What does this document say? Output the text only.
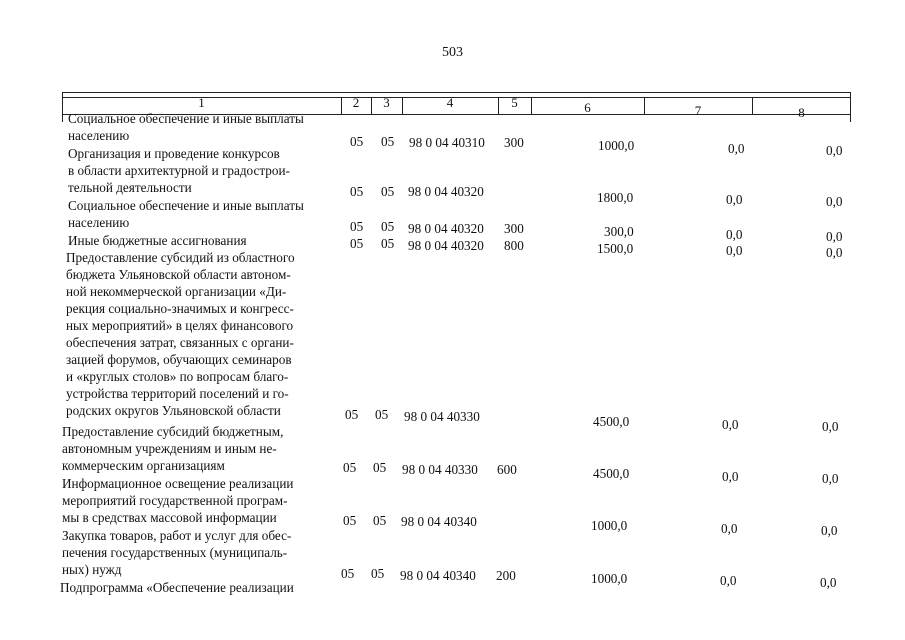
503
1	2	3	4	5	6	7	8
Социальное обеспечение и иные выплаты
населению	05 05 98 0 04 40310 300	1000,0	0,0	0,0
Организация и проведение конкурсов
в области архитектурной и градострои-
тельной деятельности	05 05 98 0 04 40320	1800,0	0,0	0,0
Социальное обеспечение и иные выплаты
населению	05 05 98 0 04 40320 300	300,0	0,0	0,0
Иные бюджетные ассигнования	05 05 98 0 04 40320 800	1500,0	0,0	0,0
Предоставление субсидий из областного
бюджета Ульяновской области автоном-
ной некоммерческой организации «Ди-
рекция социально-значимых и конгресс-
ных мероприятий» в целях финансового
обеспечения затрат, связанных с органи-
зацией форумов, обучающих семинаров
и «круглых столов» по вопросам благо-
устройства территорий поселений и го-
родских округов Ульяновской области	05 05 98 0 04 40330	4500,0	0,0	0,0
Предоставление субсидий бюджетным,
автономным учреждениям и иным не-
коммерческим организациям	05 05 98 0 04 40330 600	4500,0	0,0	0,0
Информационное освещение реализации
мероприятий государственной програм-
мы в средствах массовой информации	05 05 98 0 04 40340	1000,0	0,0	0,0
Закупка товаров, работ и услуг для обес-
печения государственных (муниципаль-
ных) нужд	05 05 98 0 04 40340 200	1000,0	0,0	0,0
Подпрограмма «Обеспечение реализации
